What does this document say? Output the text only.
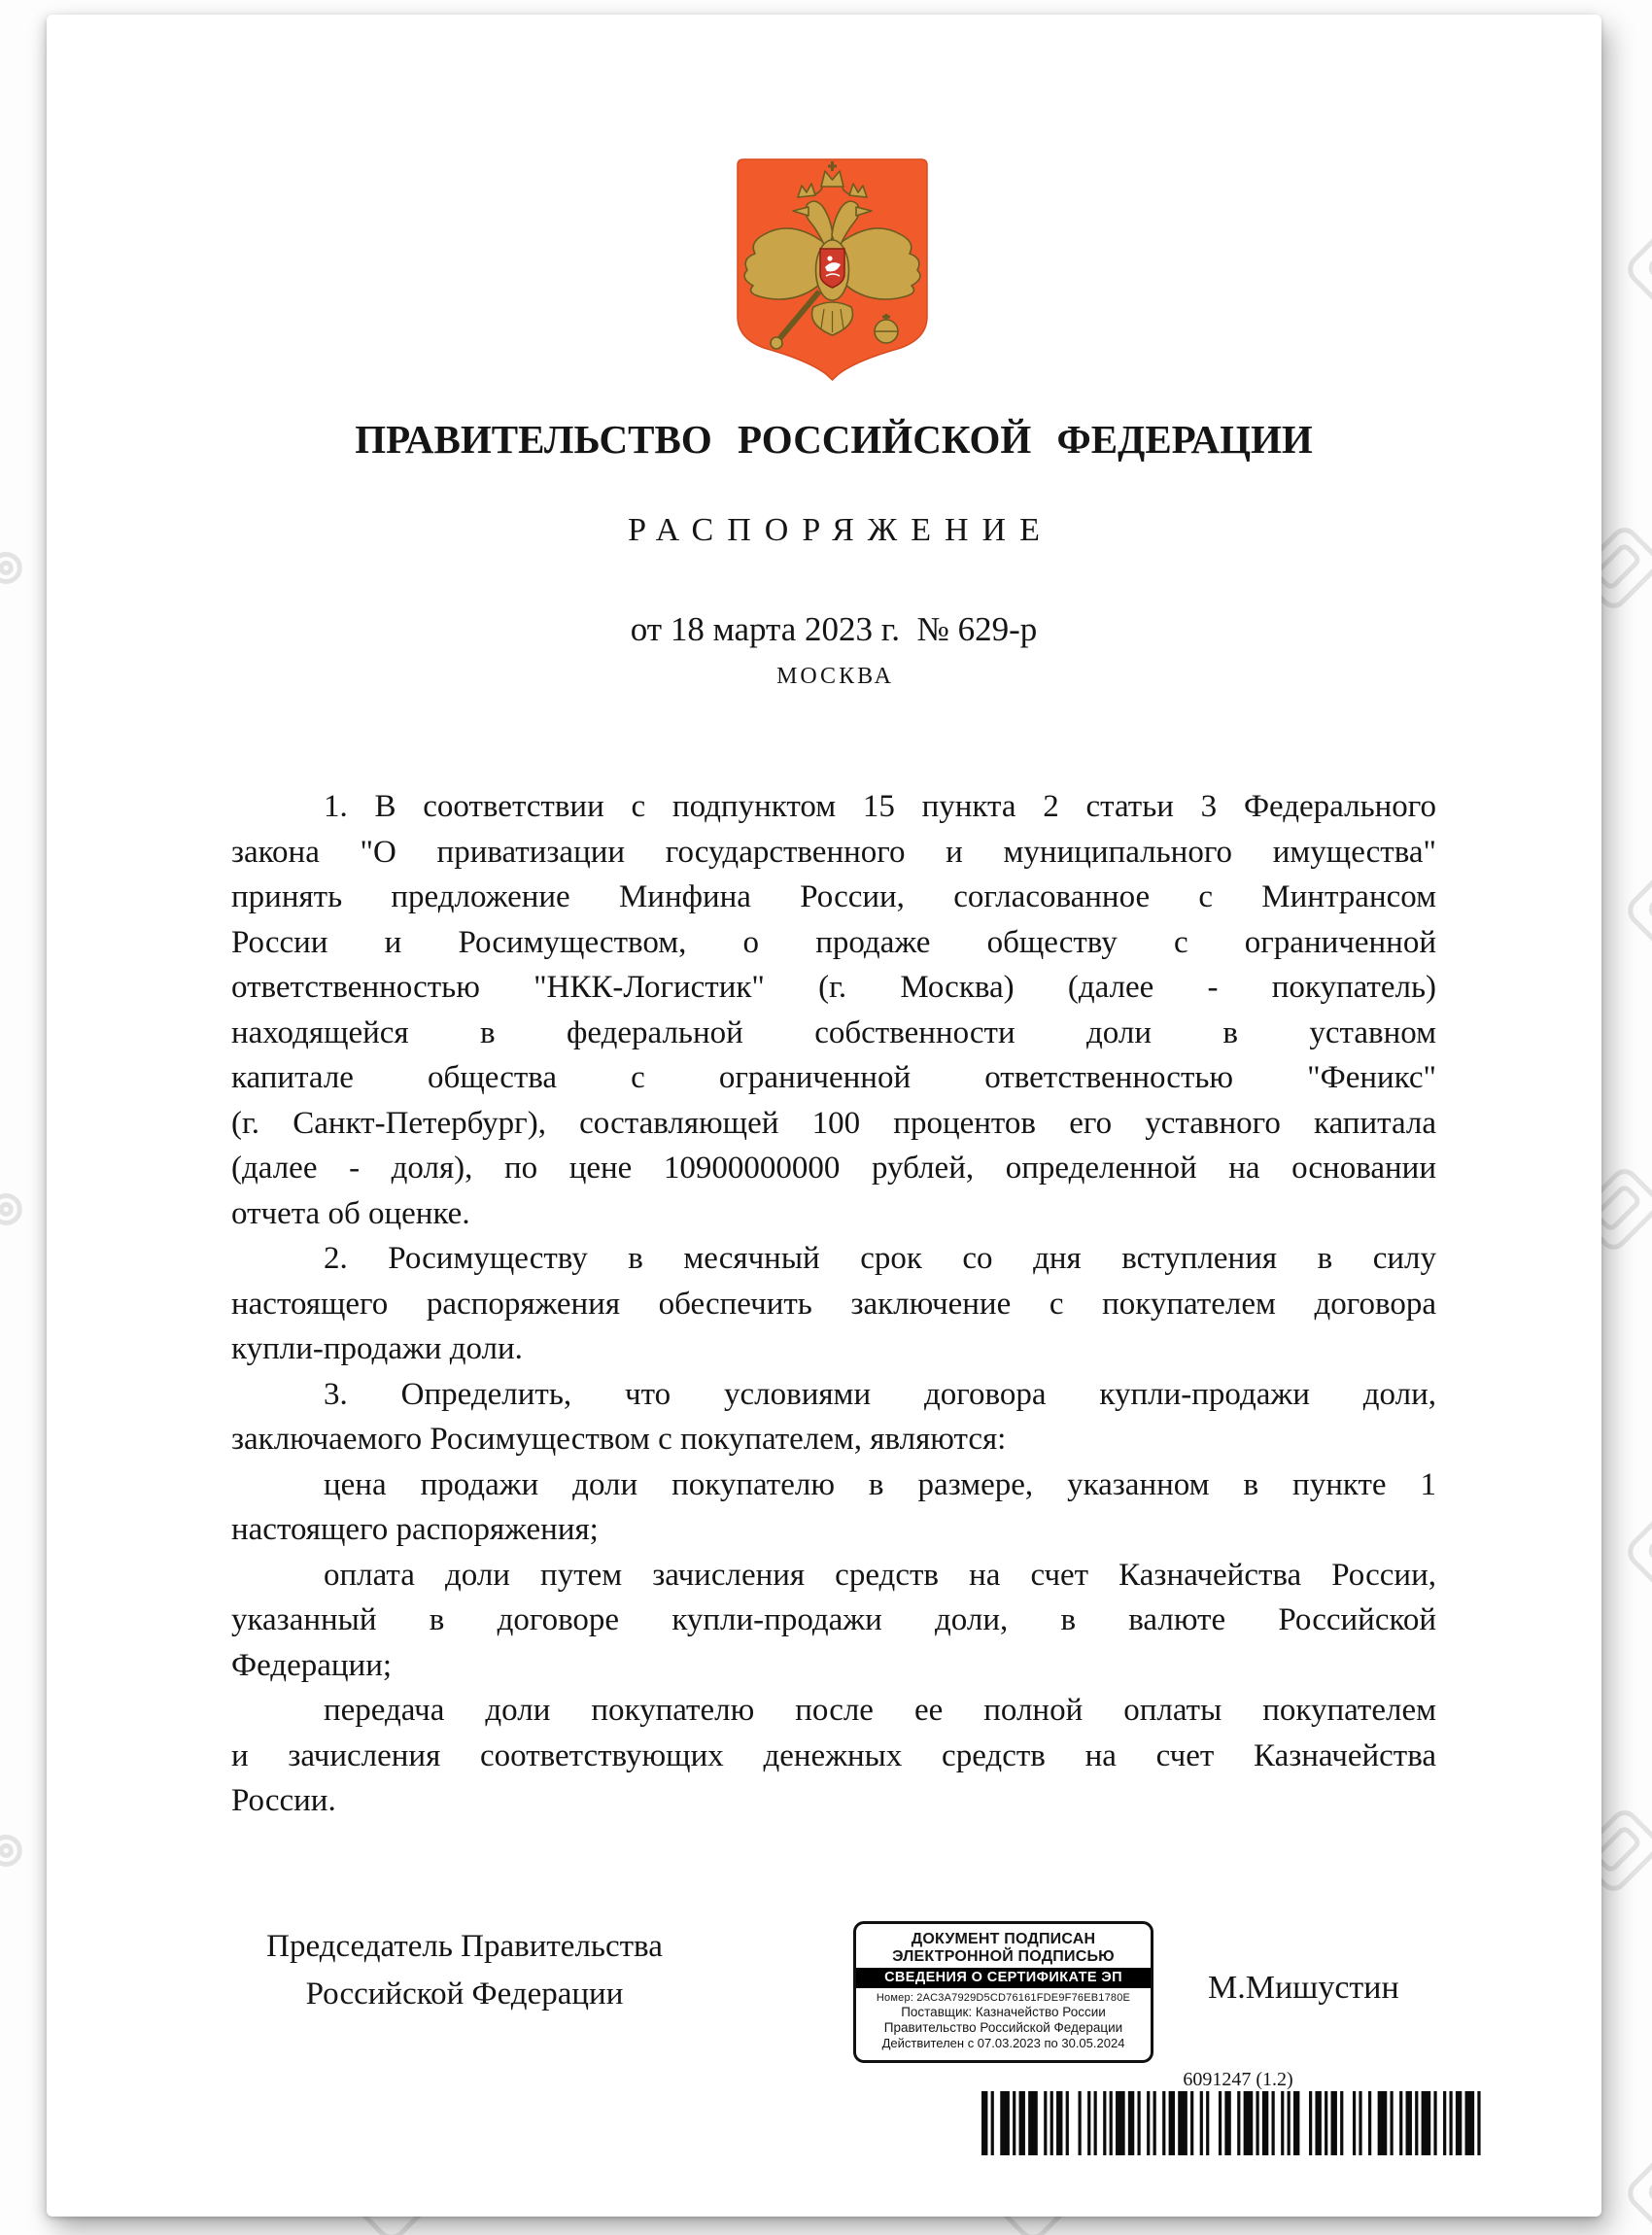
ПРАВИТЕЛЬСТВО РОССИЙСКОЙ ФЕДЕРАЦИИ
РАСПОРЯЖЕНИЕ
от 18 марта 2023 г. № 629-р
МОСКВА
1. В соответствии с подпунктом 15 пункта 2 статьи 3 Федерального
закона "О приватизации государственного и муниципального имущества"
принять предложение Минфина России, согласованное с Минтрансом
России и Росимуществом, о продаже обществу с ограниченной
ответственностью "НКК-Логистик" (г. Москва) (далее - покупатель)
находящейся в федеральной собственности доли в уставном
капитале общества с ограниченной ответственностью "Феникс"
(г. Санкт-Петербург), составляющей 100 процентов его уставного капитала
(далее - доля), по цене 10900000000 рублей, определенной на основании
отчета об оценке.
2. Росимуществу в месячный срок со дня вступления в силу
настоящего распоряжения обеспечить заключение с покупателем договора
купли-продажи доли.
3. Определить, что условиями договора купли-продажи доли,
заключаемого Росимуществом с покупателем, являются:
цена продажи доли покупателю в размере, указанном в пункте 1
настоящего распоряжения;
оплата доли путем зачисления средств на счет Казначейства России,
указанный в договоре купли-продажи доли, в валюте Российской
Федерации;
передача доли покупателю после ее полной оплаты покупателем
и зачисления соответствующих денежных средств на счет Казначейства
России.
Председатель Правительства
Российской Федерации	М.Мишустин
ДОКУМЕНТ ПОДПИСАН
ЭЛЕКТРОННОЙ ПОДПИСЬЮ
СВЕДЕНИЯ О СЕРТИФИКАТЕ ЭП
Номер: 2AC3A7929D5CD76161FDE9F76EB1780E
Поставщик: Казначейство России
Правительство Российской Федерации
Действителен с 07.03.2023 по 30.05.2024
6091247 (1.2)
